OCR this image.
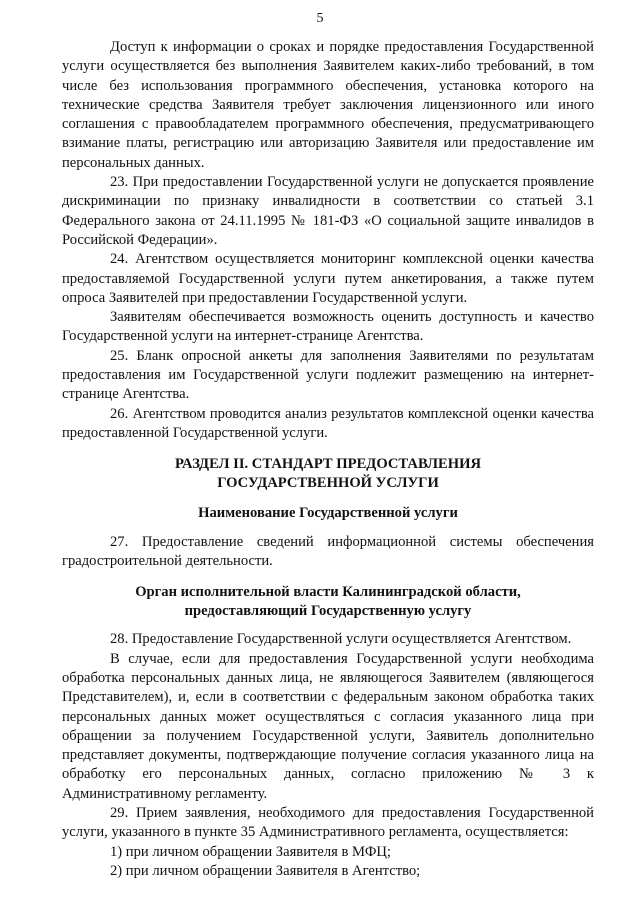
5

Доступ к информации о сроках и порядке предоставления Государственной услуги осуществляется без выполнения Заявителем каких-либо требований, в том числе без использования программного обеспечения, установка которого на технические средства Заявителя требует заключения лицензионного или иного соглашения с правообладателем программного обеспечения, предусматривающего взимание платы, регистрацию или авторизацию Заявителя или предоставление им персональных данных.

23. При предоставлении Государственной услуги не допускается проявление дискриминации по признаку инвалидности в соответствии со статьей 3.1 Федерального закона от 24.11.1995 № 181-ФЗ «О социальной защите инвалидов в Российской Федерации».

24. Агентством осуществляется мониторинг комплексной оценки качества предоставляемой Государственной услуги путем анкетирования, а также путем опроса Заявителей при предоставлении Государственной услуги.

Заявителям обеспечивается возможность оценить доступность и качество Государственной услуги на интернет-странице Агентства.

25. Бланк опросной анкеты для заполнения Заявителями по результатам предоставления им Государственной услуги подлежит размещению на интернет-странице Агентства.

26. Агентством проводится анализ результатов комплексной оценки качества предоставленной Государственной услуги.

РАЗДЕЛ II. СТАНДАРТ ПРЕДОСТАВЛЕНИЯ
ГОСУДАРСТВЕННОЙ УСЛУГИ
Наименование Государственной услуги

27. Предоставление сведений информационной системы обеспечения градостроительной деятельности.

Орган исполнительной власти Калининградской области,
предоставляющий Государственную услугу

28. Предоставление Государственной услуги осуществляется Агентством.

В случае, если для предоставления Государственной услуги необходима обработка персональных данных лица, не являющегося Заявителем (являющегося Представителем), и, если в соответствии с федеральным законом обработка таких персональных данных может осуществляться с согласия указанного лица при обращении за получением Государственной услуги, Заявитель дополнительно представляет документы, подтверждающие получение согласия указанного лица на обработку его персональных данных, согласно приложению № 3 к Административному регламенту.

29. Прием заявления, необходимого для предоставления Государственной услуги, указанного в пункте 35 Административного регламента, осуществляется:

1) при личном обращении Заявителя в МФЦ;

2) при личном обращении Заявителя в Агентство;
